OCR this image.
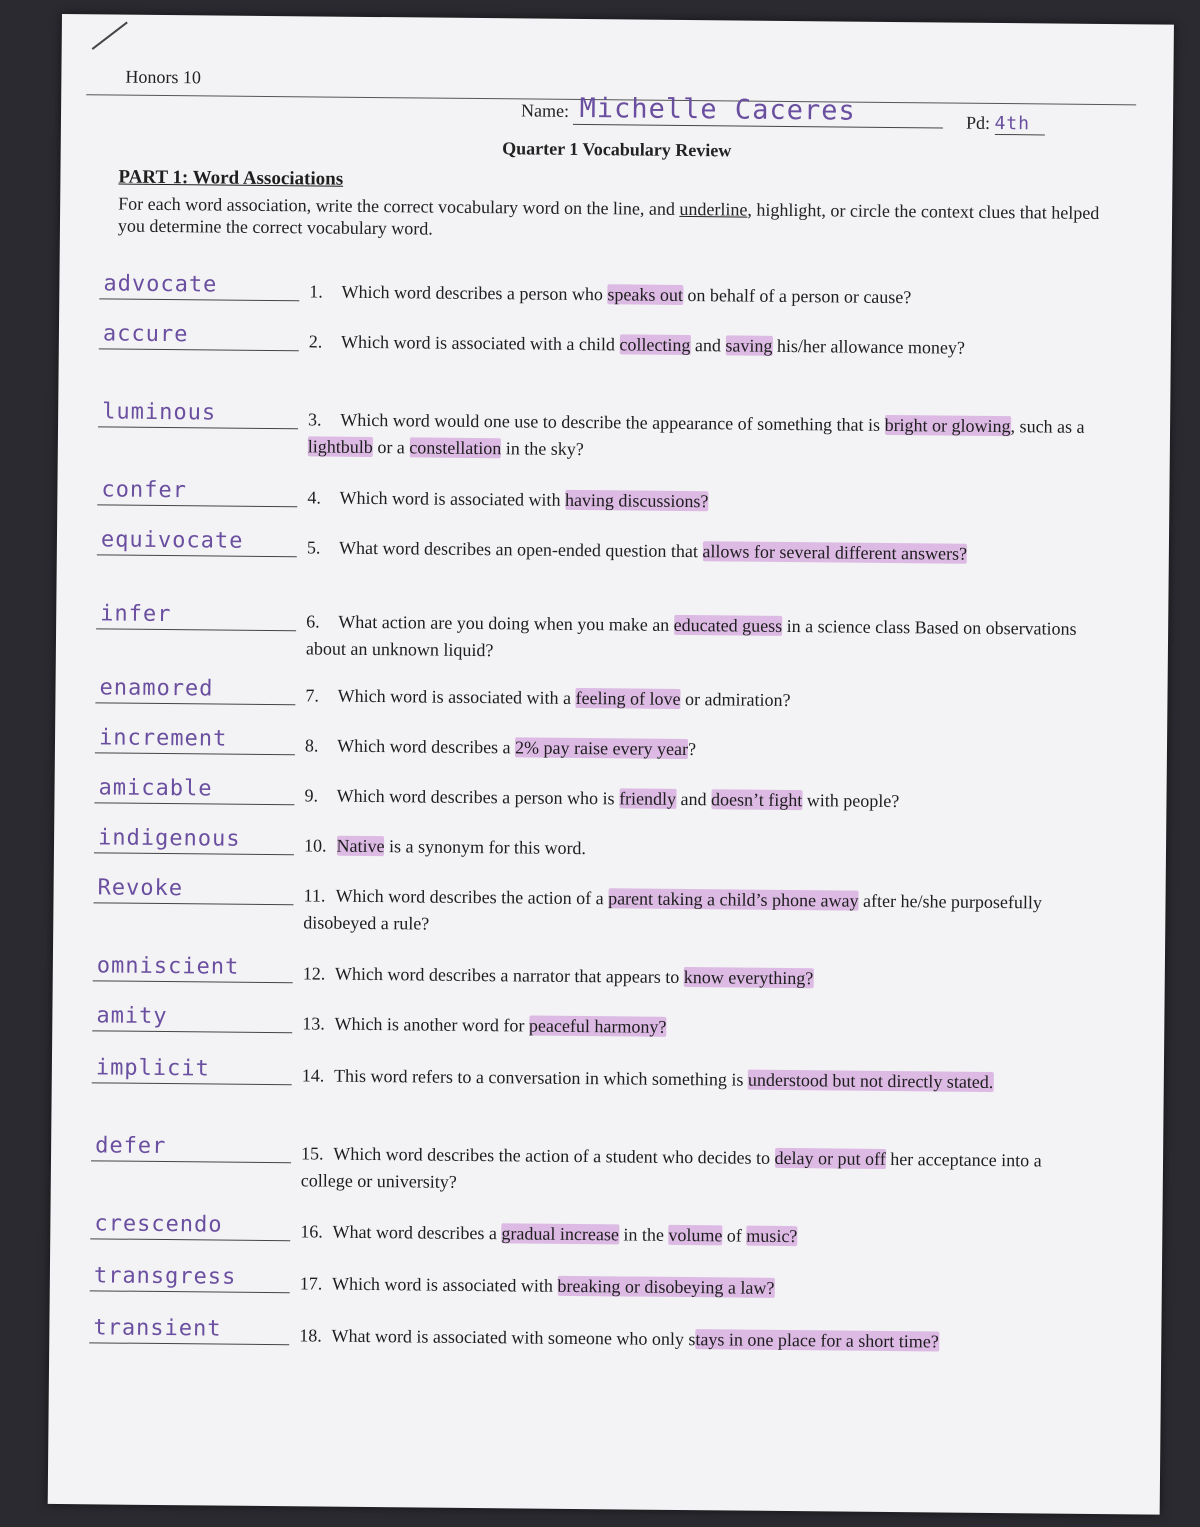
Honors 10
Name: Michelle Caceres	Pd: 4th
Quarter 1 Vocabulary Review
PART 1: Word Associations
For each word association, write the correct vocabulary word on the line, and underline, highlight, or circle the context clues that helped you determine the correct vocabulary word.
advocate	1. Which word describes a person who speaks out on behalf of a person or cause?
accure	2. Which word is associated with a child collecting and saving his/her allowance money?
luminous	3. Which word would one use to describe the appearance of something that is bright or glowing, such as a lightbulb or a constellation in the sky?
confer	4. Which word is associated with having discussions?
equivocate	5. What word describes an open-ended question that allows for several different answers?
infer	6. What action are you doing when you make an educated guess in a science class Based on observations about an unknown liquid?
enamored	7. Which word is associated with a feeling of love or admiration?
increment	8. Which word describes a 2% pay raise every year?
amicable	9. Which word describes a person who is friendly and doesn’t fight with people?
indigenous	10. Native is a synonym for this word.
Revoke	11. Which word describes the action of a parent taking a child’s phone away after he/she purposefully disobeyed a rule?
omniscient	12. Which word describes a narrator that appears to know everything?
amity	13. Which is another word for peaceful harmony?
implicit	14. This word refers to a conversation in which something is understood but not directly stated.
defer	15. Which word describes the action of a student who decides to delay or put off her acceptance into a college or university?
crescendo	16. What word describes a gradual increase in the volume of music?
transgress	17. Which word is associated with breaking or disobeying a law?
transient	18. What word is associated with someone who only stays in one place for a short time?
